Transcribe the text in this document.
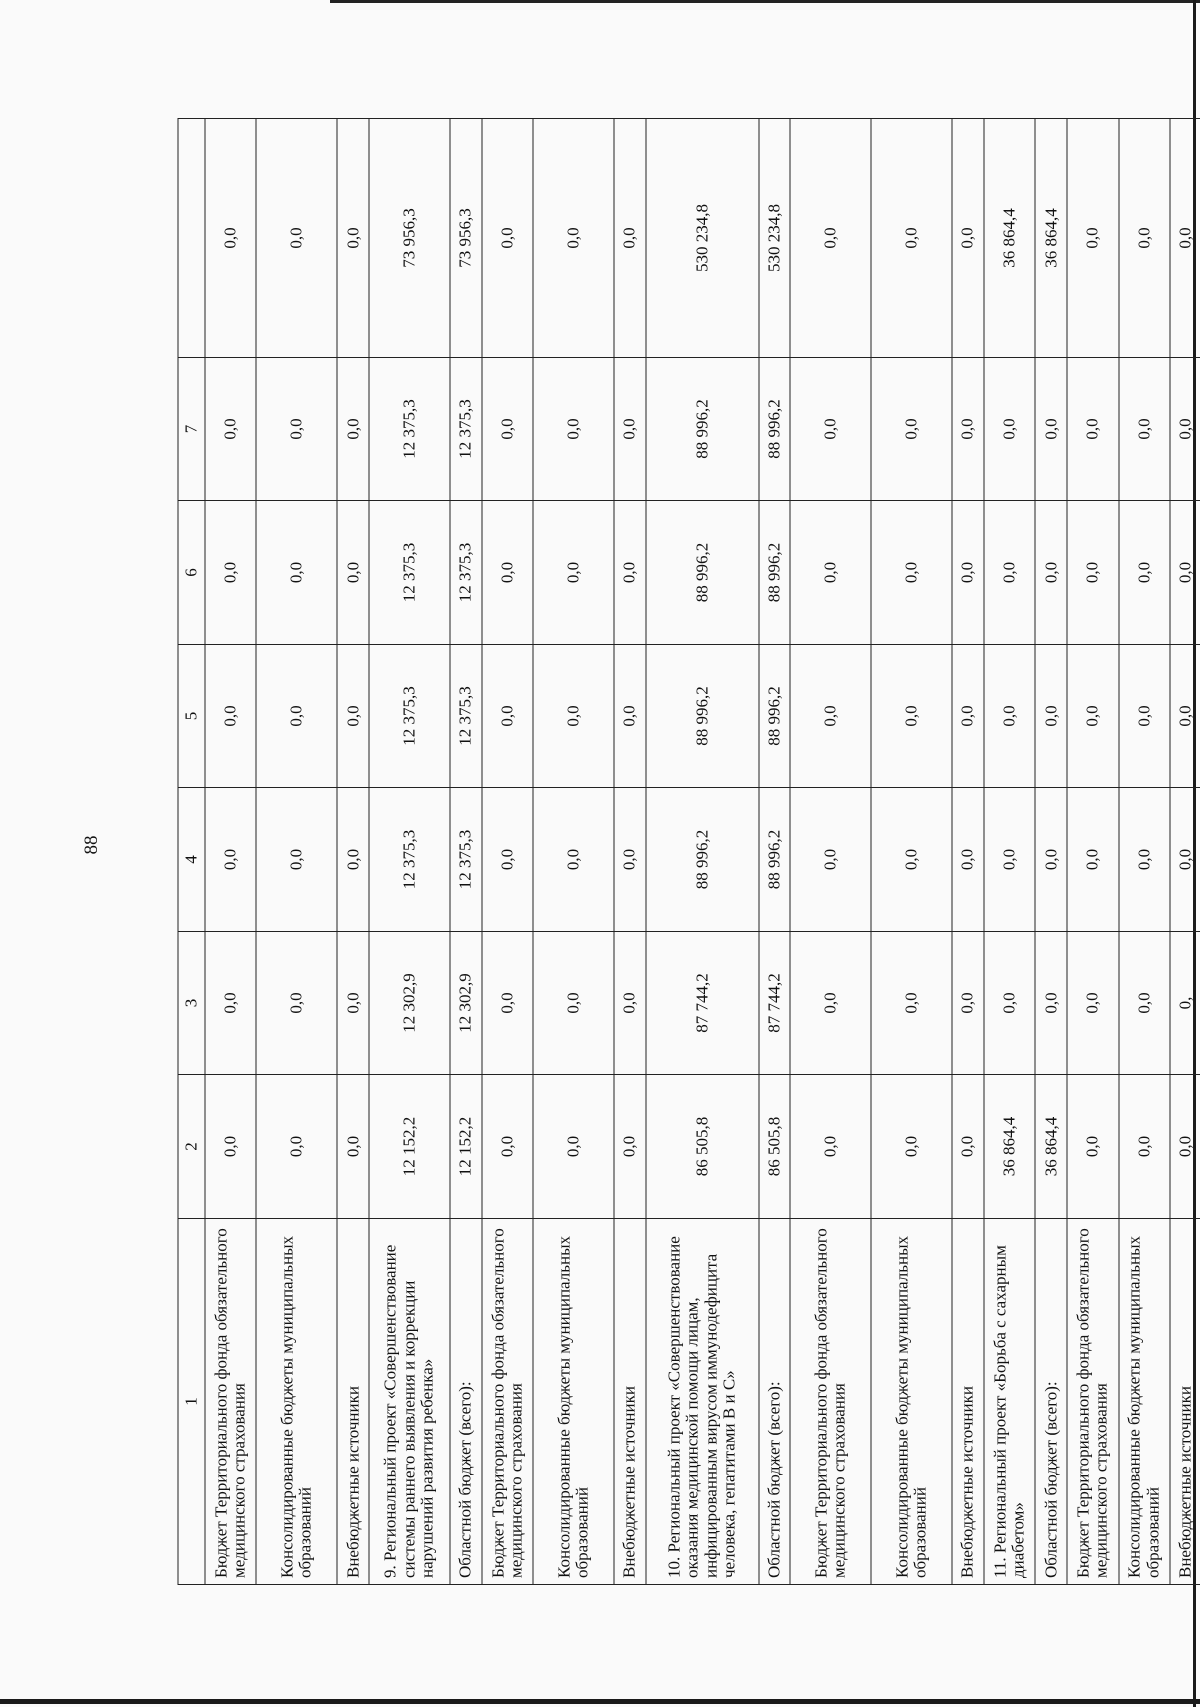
88
1	2	3	4	5	6	7	
Бюджет Территориального фонда обязательного медицинского страхования	0,0	0,0	0,0	0,0	0,0	0,0	0,0
Консолидированные бюджеты муниципальных образований	0,0	0,0	0,0	0,0	0,0	0,0	0,0
Внебюджетные источники	0,0	0,0	0,0	0,0	0,0	0,0	0,0
9. Региональный проект «Совершенствование системы раннего выявления и коррекции нарушений развития ребенка»	12 152,2	12 302,9	12 375,3	12 375,3	12 375,3	12 375,3	73 956,3
Областной бюджет (всего):	12 152,2	12 302,9	12 375,3	12 375,3	12 375,3	12 375,3	73 956,3
Бюджет Территориального фонда обязательного медицинского страхования	0,0	0,0	0,0	0,0	0,0	0,0	0,0
Консолидированные бюджеты муниципальных образований	0,0	0,0	0,0	0,0	0,0	0,0	0,0
Внебюджетные источники	0,0	0,0	0,0	0,0	0,0	0,0	0,0
10. Региональный проект «Совершенствование оказания медицинской помощи лицам, инфицированным вирусом иммунодефицита человека, гепатитами В и С»	86 505,8	87 744,2	88 996,2	88 996,2	88 996,2	88 996,2	530 234,8
Областной бюджет (всего):	86 505,8	87 744,2	88 996,2	88 996,2	88 996,2	88 996,2	530 234,8
Бюджет Территориального фонда обязательного медицинского страхования	0,0	0,0	0,0	0,0	0,0	0,0	0,0
Консолидированные бюджеты муниципальных образований	0,0	0,0	0,0	0,0	0,0	0,0	0,0
Внебюджетные источники	0,0	0,0	0,0	0,0	0,0	0,0	0,0
11. Региональный проект «Борьба с сахарным диабетом»	36 864,4	0,0	0,0	0,0	0,0	0,0	36 864,4
Областной бюджет (всего):	36 864,4	0,0	0,0	0,0	0,0	0,0	36 864,4
Бюджет Территориального фонда обязательного медицинского страхования	0,0	0,0	0,0	0,0	0,0	0,0	0,0
Консолидированные бюджеты муниципальных образований	0,0	0,0	0,0	0,0	0,0	0,0	0,0
Внебюджетные источники	0,0	0,	0,0	0,0	0,0	0,0	0,0
